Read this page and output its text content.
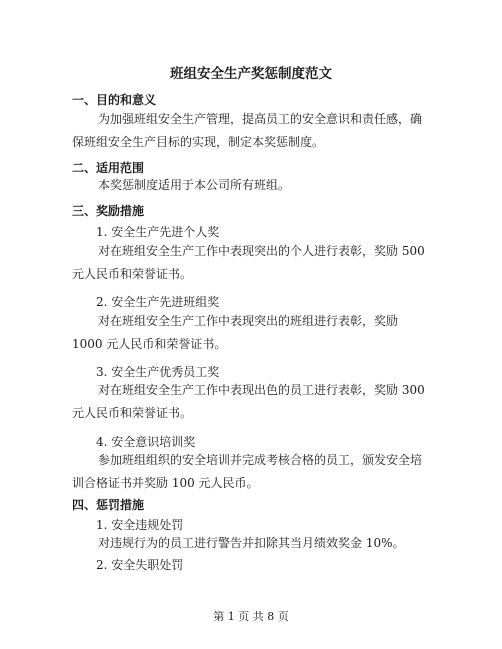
班组安全生产奖惩制度范文
一、目的和意义
为加强班组安全生产管理，提高员工的安全意识和责任感，确保班组安全生产目标的实现，制定本奖惩制度。
二、适用范围
本奖惩制度适用于本公司所有班组。
三、奖励措施
1. 安全生产先进个人奖
对在班组安全生产工作中表现突出的个人进行表彰，奖励 500 元人民币和荣誉证书。
2. 安全生产先进班组奖
对在班组安全生产工作中表现突出的班组进行表彰，奖励 1000 元人民币和荣誉证书。
3. 安全生产优秀员工奖
对在班组安全生产工作中表现出色的员工进行表彰，奖励 300 元人民币和荣誉证书。
4. 安全意识培训奖
参加班组组织的安全培训并完成考核合格的员工，颁发安全培训合格证书并奖励 100 元人民币。
四、惩罚措施
1. 安全违规处罚
对违规行为的员工进行警告并扣除其当月绩效奖金 10%。
2. 安全失职处罚
第 1 页 共 8 页
